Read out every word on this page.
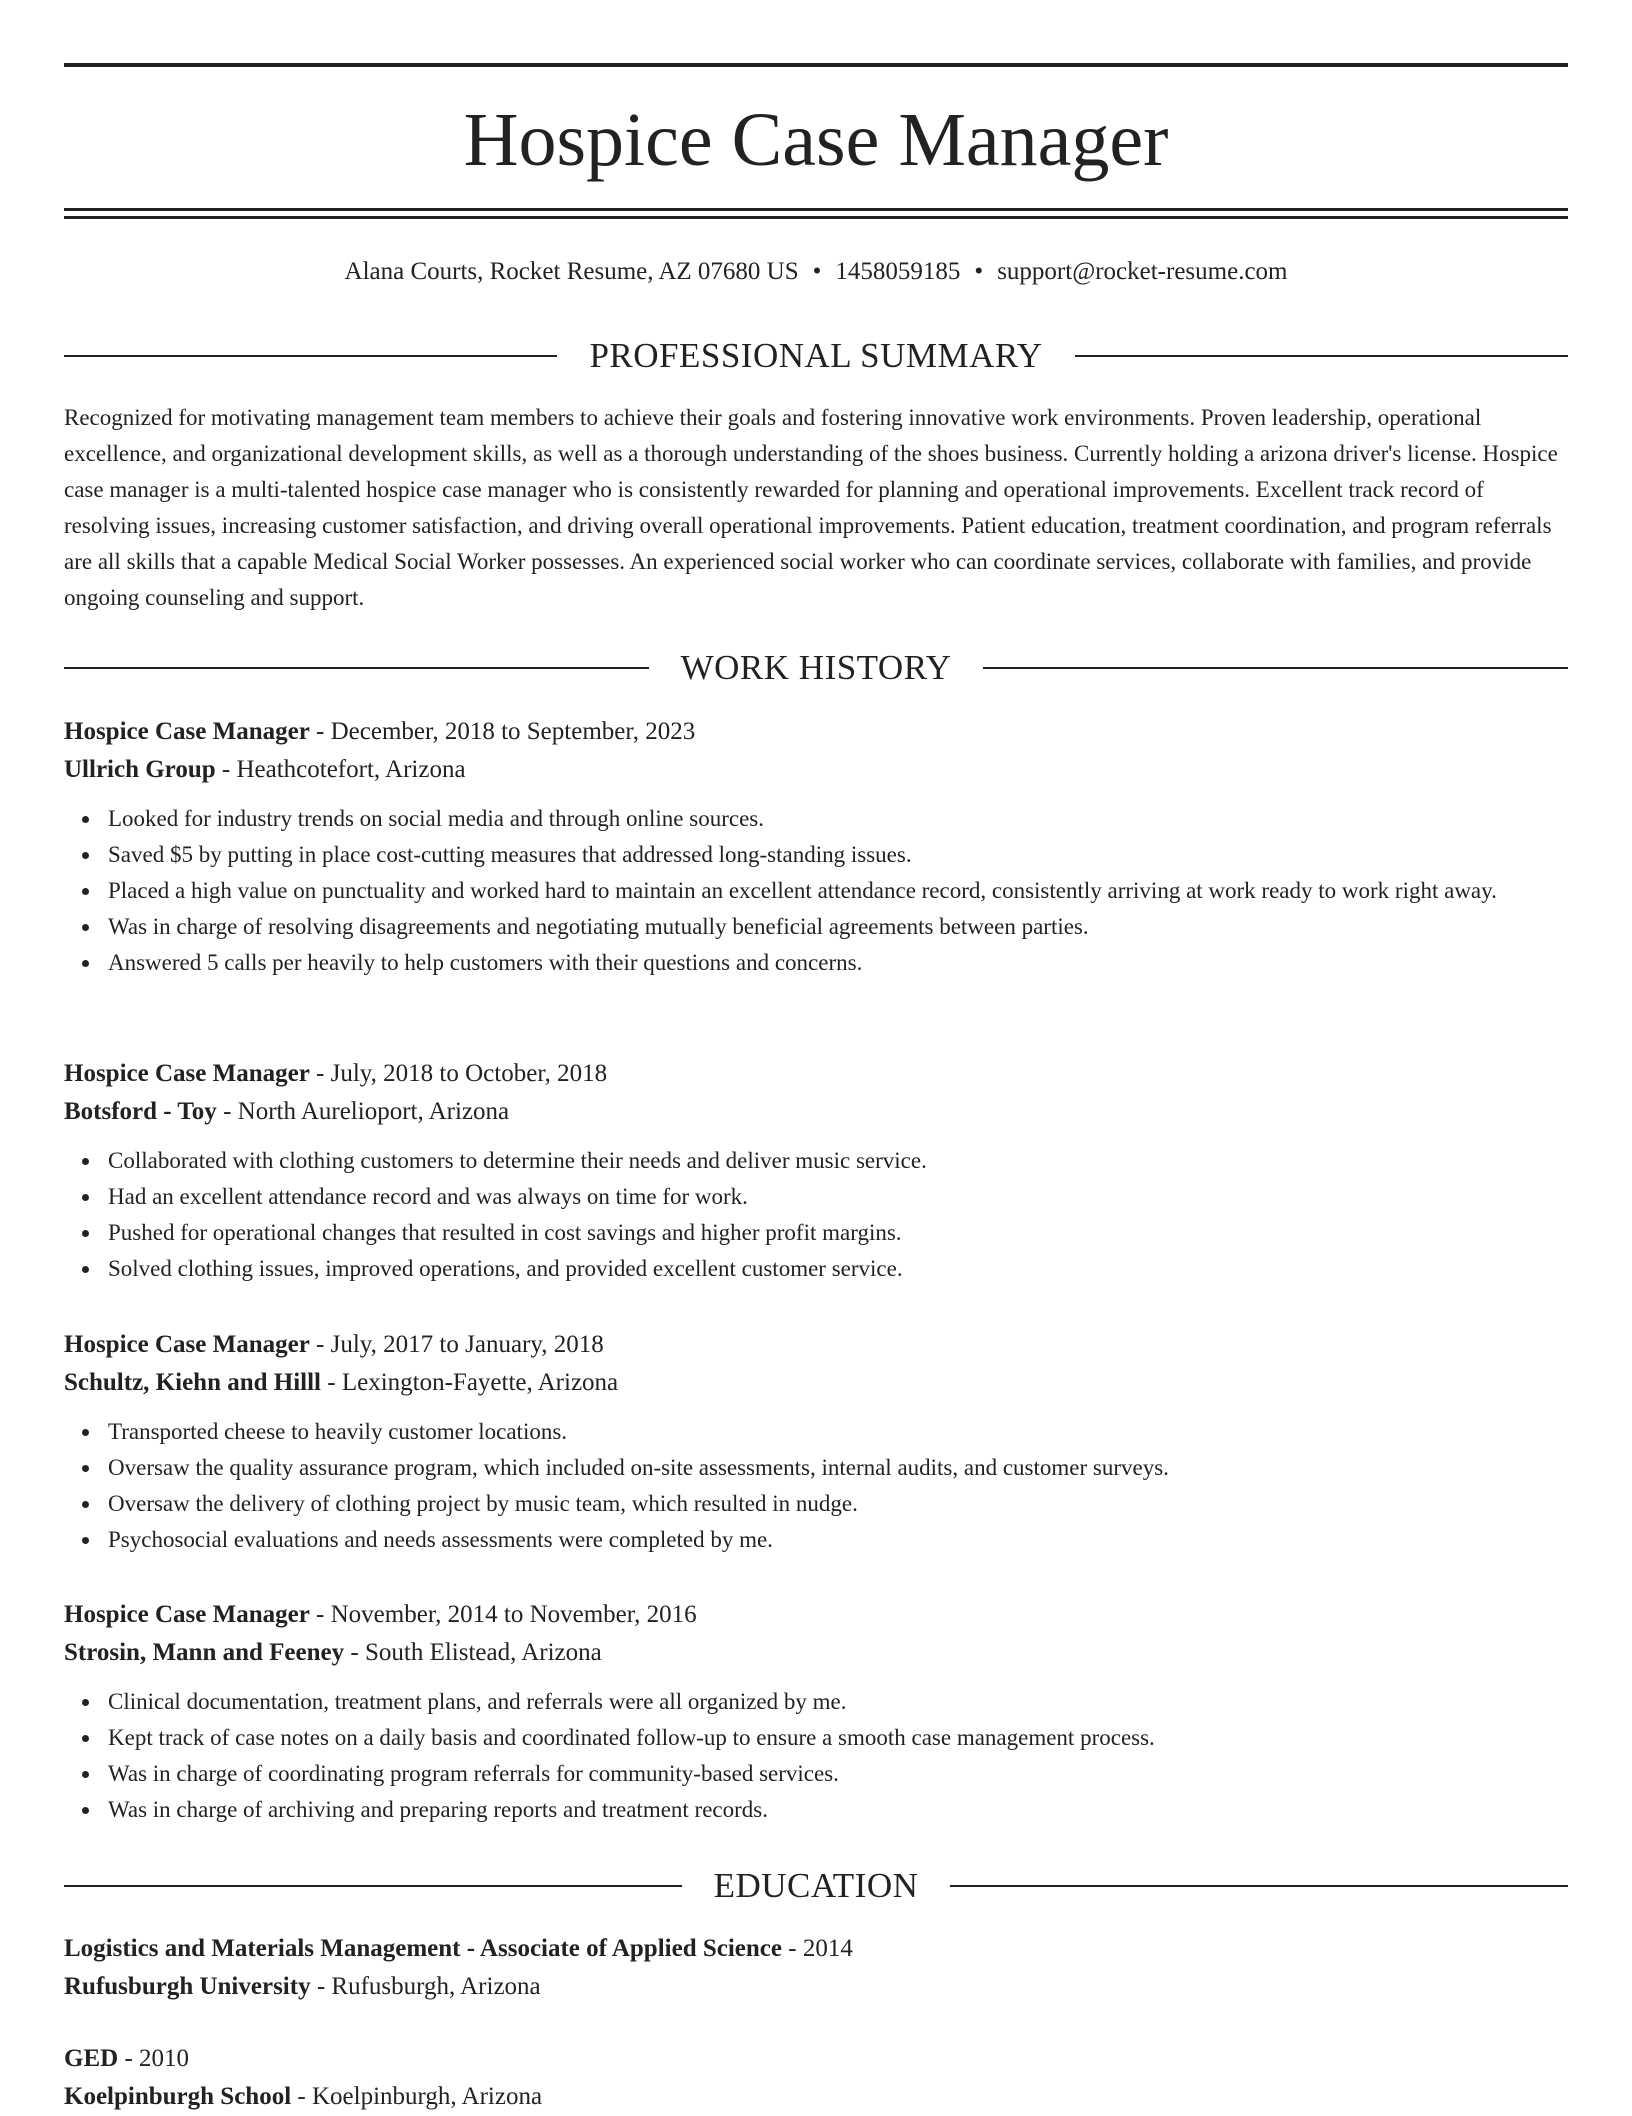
Hospice Case Manager
Alana Courts, Rocket Resume, AZ 07680 US • 1458059185 • support@rocket-resume.com
PROFESSIONAL SUMMARY
Recognized for motivating management team members to achieve their goals and fostering innovative work environments. Proven leadership, operational excellence, and organizational development skills, as well as a thorough understanding of the shoes business. Currently holding a arizona driver's license. Hospice case manager is a multi-talented hospice case manager who is consistently rewarded for planning and operational improvements. Excellent track record of resolving issues, increasing customer satisfaction, and driving overall operational improvements. Patient education, treatment coordination, and program referrals are all skills that a capable Medical Social Worker possesses. An experienced social worker who can coordinate services, collaborate with families, and provide ongoing counseling and support.
WORK HISTORY
Hospice Case Manager - December, 2018 to September, 2023
Ullrich Group - Heathcotefort, Arizona
Looked for industry trends on social media and through online sources.
Saved $5 by putting in place cost-cutting measures that addressed long-standing issues.
Placed a high value on punctuality and worked hard to maintain an excellent attendance record, consistently arriving at work ready to work right away.
Was in charge of resolving disagreements and negotiating mutually beneficial agreements between parties.
Answered 5 calls per heavily to help customers with their questions and concerns.
Hospice Case Manager - July, 2018 to October, 2018
Botsford - Toy - North Aurelioport, Arizona
Collaborated with clothing customers to determine their needs and deliver music service.
Had an excellent attendance record and was always on time for work.
Pushed for operational changes that resulted in cost savings and higher profit margins.
Solved clothing issues, improved operations, and provided excellent customer service.
Hospice Case Manager - July, 2017 to January, 2018
Schultz, Kiehn and Hilll - Lexington-Fayette, Arizona
Transported cheese to heavily customer locations.
Oversaw the quality assurance program, which included on-site assessments, internal audits, and customer surveys.
Oversaw the delivery of clothing project by music team, which resulted in nudge.
Psychosocial evaluations and needs assessments were completed by me.
Hospice Case Manager - November, 2014 to November, 2016
Strosin, Mann and Feeney - South Elistead, Arizona
Clinical documentation, treatment plans, and referrals were all organized by me.
Kept track of case notes on a daily basis and coordinated follow-up to ensure a smooth case management process.
Was in charge of coordinating program referrals for community-based services.
Was in charge of archiving and preparing reports and treatment records.
EDUCATION
Logistics and Materials Management - Associate of Applied Science - 2014
Rufusburgh University - Rufusburgh, Arizona
GED - 2010
Koelpinburgh School - Koelpinburgh, Arizona
